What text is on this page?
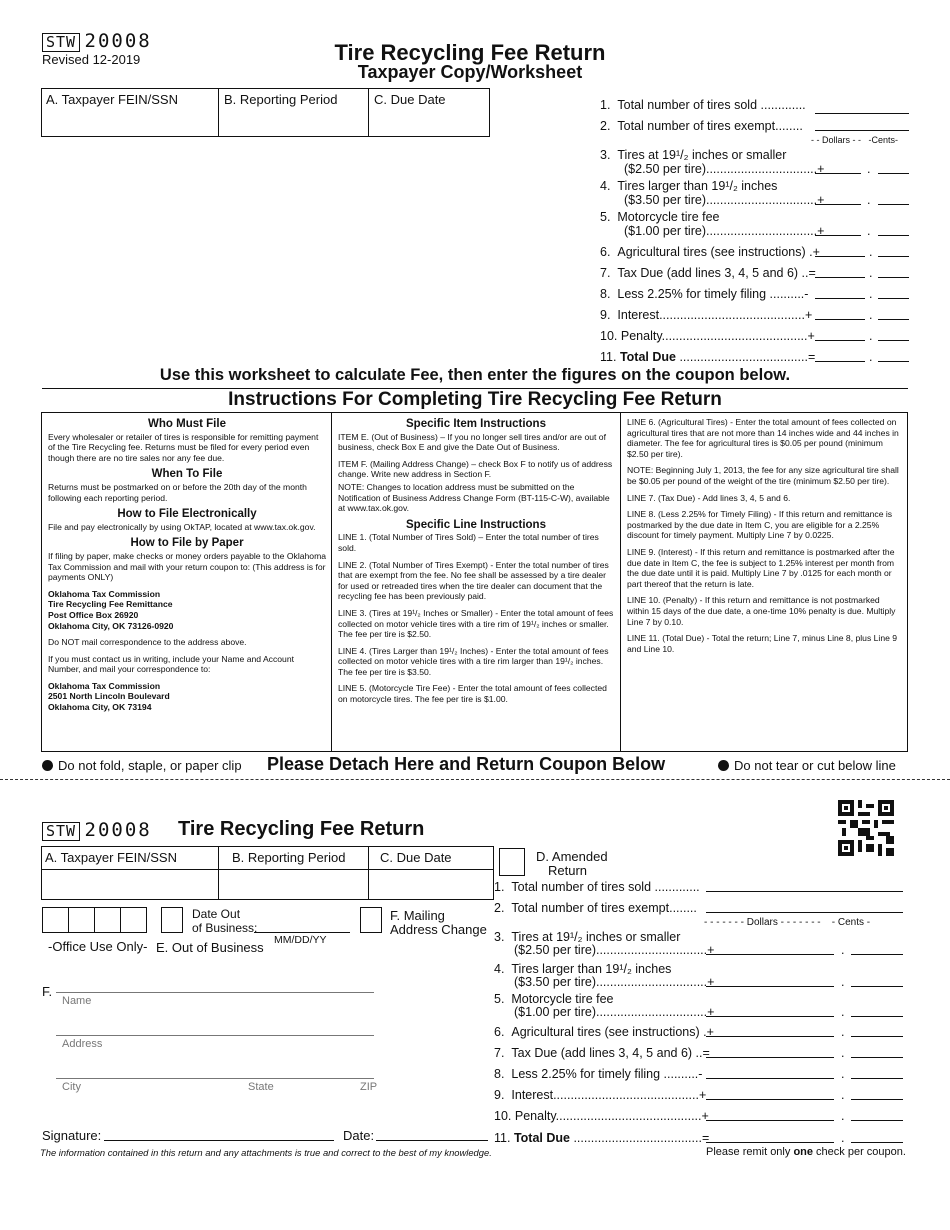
STW 20008
Revised 12-2019	Tire Recycling Fee Return
Taxpayer Copy/Worksheet
A. Taxpayer FEIN/SSN	B. Reporting Period	C. Due Date	1. Total number of tires sold .............
2. Total number of tires exempt........
- - Dollars - - -Cents-
3. Tires at 19¹/₂ inches or smaller
($2.50 per tire)................................+	.
4. Tires larger than 19¹/₂ inches
($3.50 per tire)................................+	.
5. Motorcycle tire fee
($1.00 per tire)................................+	.
6. Agricultural tires (see instructions) .+	.
7. Tax Due (add lines 3, 4, 5 and 6) ..=	.
8. Less 2.25% for timely filing ..........-	.
9. Interest..........................................+	.
10. Penalty..........................................+	.
11. Total Due .....................................=	.
Use this worksheet to calculate Fee, then enter the figures on the coupon below.
Instructions For Completing Tire Recycling Fee Return
Who Must File

Every wholesaler or retailer of tires is responsible for remitting payment of the Tire Recycling fee. Returns must be filed for every period even though there are no tire sales nor any fee due.

When To File

Returns must be postmarked on or before the 20th day of the month following each reporting period.

How to File Electronically

File and pay electronically by using OkTAP, located at www.tax.ok.gov.

How to File by Paper

If filing by paper, make checks or money orders payable to the Oklahoma Tax Commission and mail with your return coupon to: (This address is for payments ONLY)

Oklahoma Tax Commission
Tire Recycling Fee Remittance
Post Office Box 26920
Oklahoma City, OK 73126-0920

Do NOT mail correspondence to the address above.

If you must contact us in writing, include your Name and Account Number, and mail your correspondence to:

Oklahoma Tax Commission
2501 North Lincoln Boulevard
Oklahoma City, OK 73194

Specific Item Instructions

ITEM E. (Out of Business) – If you no longer sell tires and/or are out of business, check Box E and give the Date Out of Business.

ITEM F. (Mailing Address Change) – check Box F to notify us of address change. Write new address in Section F.

NOTE: Changes to location address must be submitted on the Notification of Business Address Change Form (BT-115-C-W), available at www.tax.ok.gov.

Specific Line Instructions

LINE 1. (Total Number of Tires Sold) – Enter the total number of tires sold.

LINE 2. (Total Number of Tires Exempt) - Enter the total number of tires that are exempt from the fee. No fee shall be assessed by a tire dealer for used or retreaded tires when the tire dealer can document that the recycling fee has been previously paid.

LINE 3. (Tires at 19¹/₂ Inches or Smaller) - Enter the total amount of fees collected on motor vehicle tires with a tire rim of 19¹/₂ inches or smaller. The fee per tire is $2.50.

LINE 4. (Tires Larger than 19¹/₂ Inches) - Enter the total amount of fees collected on motor vehicle tires with a tire rim larger than 19¹/₂ inches. The fee per tire is $3.50.

LINE 5. (Motorcycle Tire Fee) - Enter the total amount of fees collected on motorcycle tires. The fee per tire is $1.00.

LINE 6. (Agricultural Tires) - Enter the total amount of fees collected on agricultural tires that are not more than 14 inches wide and 44 inches in diameter. The fee for agricultural tires is $0.05 per pound (minimum $2.50 per tire).

NOTE: Beginning July 1, 2013, the fee for any size agricultural tire shall be $0.05 per pound of the weight of the tire (minimum $2.50 per tire).

LINE 7. (Tax Due) - Add lines 3, 4, 5 and 6.

LINE 8. (Less 2.25% for Timely Filing) - If this return and remittance is postmarked by the due date in Item C, you are eligible for a 2.25% discount for timely payment. Multiply Line 7 by 0.0225.

LINE 9. (Interest) - If this return and remittance is postmarked after the due date in Item C, the fee is subject to 1.25% interest per month from the due date until it is paid. Multiply Line 7 by .0125 for each month or part thereof that the return is late.

LINE 10. (Penalty) - If this return and remittance is not postmarked within 15 days of the due date, a one-time 10% penalty is due. Multiply Line 7 by 0.10.

LINE 11. (Total Due) - Total the return; Line 7, minus Line 8, plus Line 9 and Line 10.

Do not fold, staple, or paper clip Please Detach Here and Return Coupon Below	Do not tear or cut below line
STW 20008 Tire Recycling Fee Return
A. Taxpayer FEIN/SSN	B. Reporting Period	C. Due Date	D. Amended
Return
Date Out
of Business:
MM/DD/YY
-Office Use Only- E. Out of Business
F. Mailing
Address Change
F.
Name
Address
City	State	ZIP
Signature:	Date:
The information contained in this return and any attachments is true and correct to the best of my knowledge.
1. Total number of tires sold .............
2. Total number of tires exempt........
- - - - - - - Dollars - - - - - - - - Cents -
3. Tires at 19¹/₂ inches or smaller
($2.50 per tire)................................+	.
4. Tires larger than 19¹/₂ inches
($3.50 per tire)................................+	.
5. Motorcycle tire fee
($1.00 per tire)................................+	.
6. Agricultural tires (see instructions) .+	.
7. Tax Due (add lines 3, 4, 5 and 6) ..=	.
8. Less 2.25% for timely filing ..........-	.
9. Interest..........................................+	.
10. Penalty..........................................+	.
11. Total Due .....................................=	.
Please remit only one check per coupon.
